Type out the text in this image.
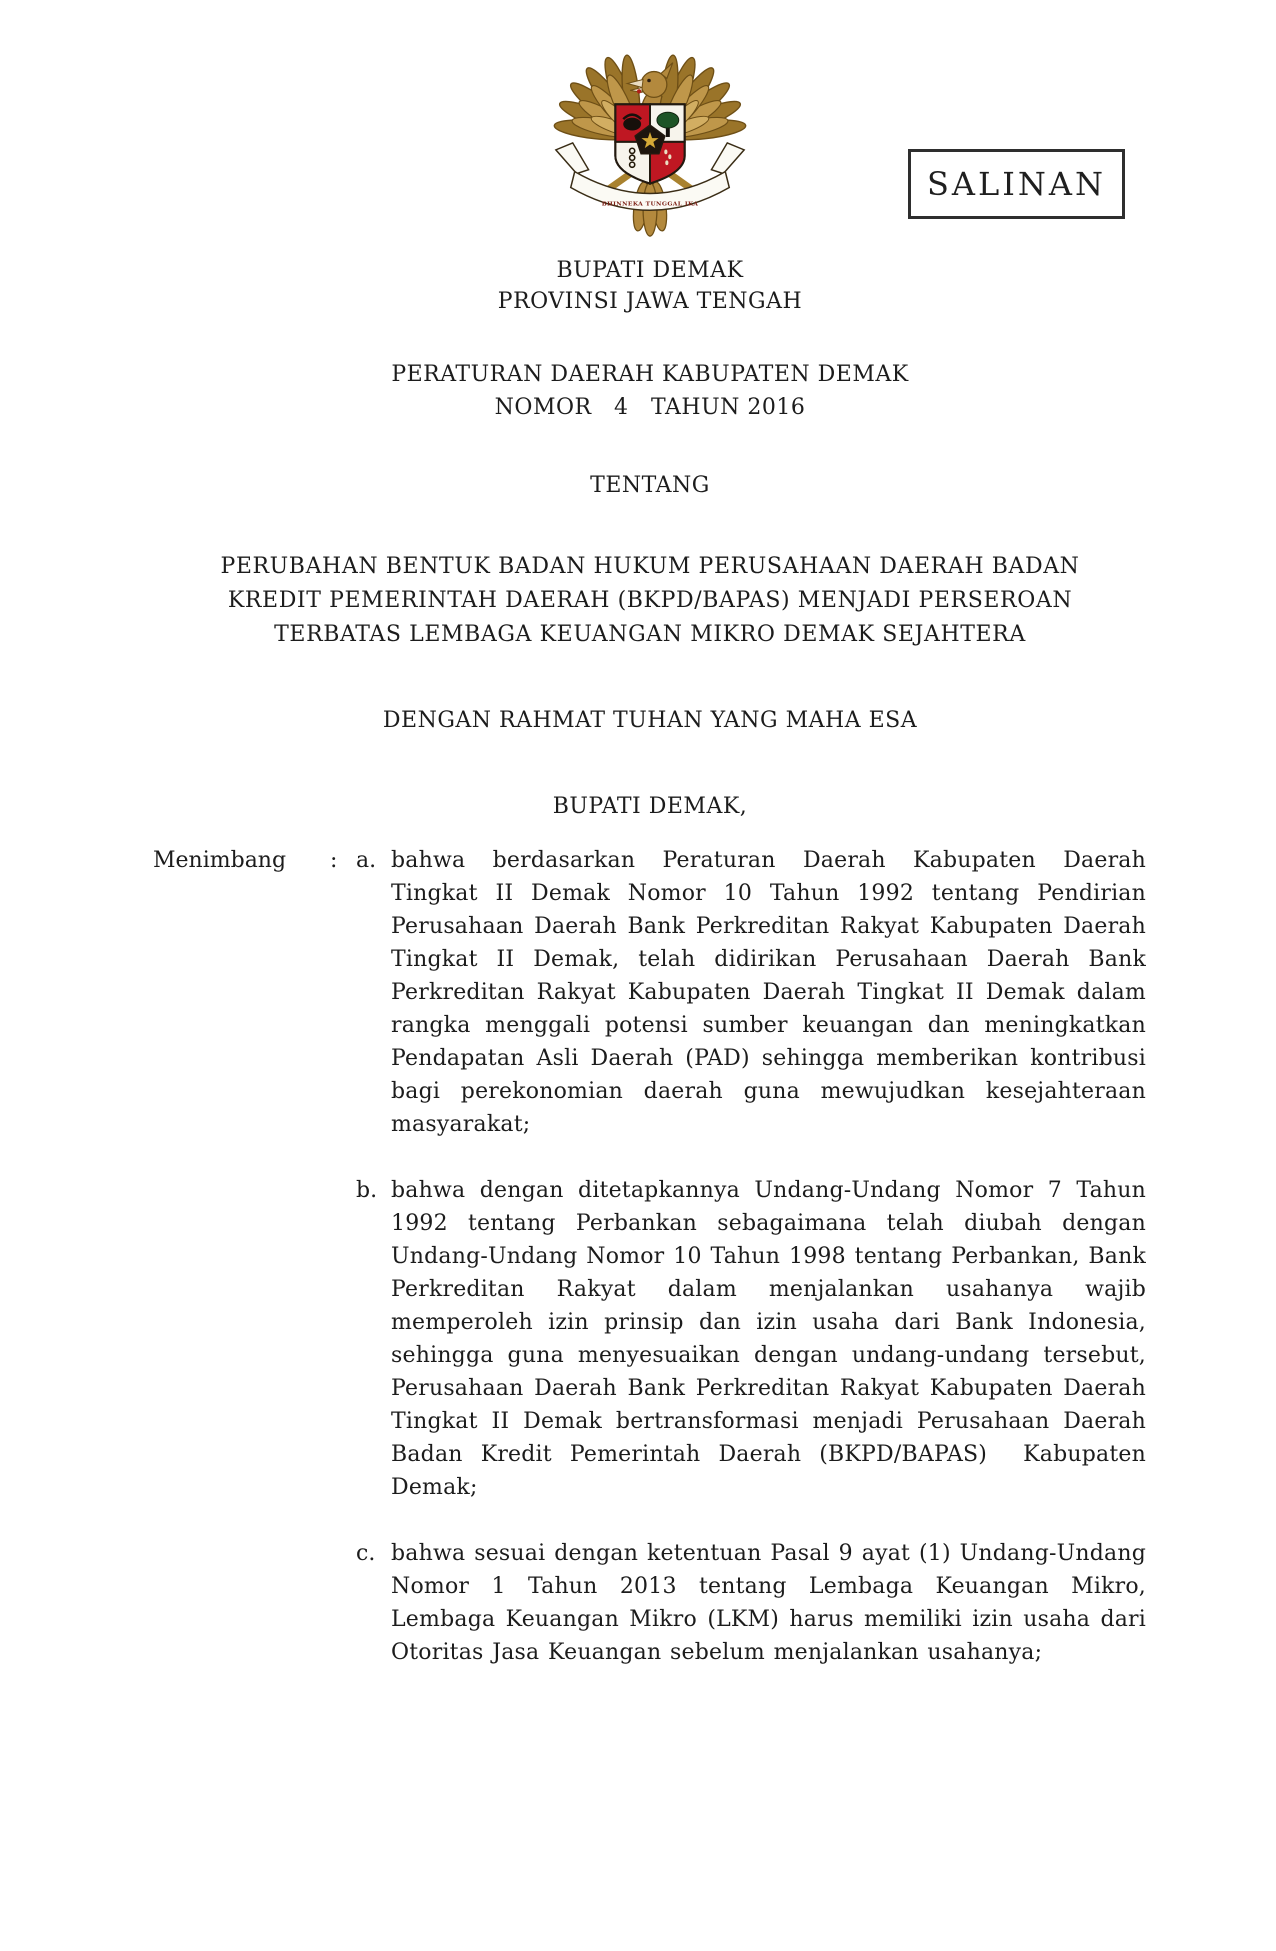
SALINAN
BHINNEKA TUNGGAL IKA
BUPATI DEMAK
PROVINSI JAWA TENGAH
PERATURAN DAERAH KABUPATEN DEMAK
NOMOR   4   TAHUN 2016
TENTANG
PERUBAHAN BENTUK BADAN HUKUM PERUSAHAAN DAERAH BADAN KREDIT PEMERINTAH DAERAH (BKPD/BAPAS) MENJADI PERSEROAN TERBATAS LEMBAGA KEUANGAN MIKRO DEMAK SEJAHTERA
DENGAN RAHMAT TUHAN YANG MAHA ESA
BUPATI DEMAK,
Menimbang	: a. bahwa berdasarkan Peraturan Daerah Kabupaten Daerah Tingkat II Demak Nomor 10 Tahun 1992 tentang Pendirian Perusahaan Daerah Bank Perkreditan Rakyat Kabupaten Daerah Tingkat II Demak, telah didirikan Perusahaan Daerah Bank Perkreditan Rakyat Kabupaten Daerah Tingkat II Demak dalam rangka menggali potensi sumber keuangan dan meningkatkan Pendapatan Asli Daerah (PAD) sehingga memberikan kontribusi bagi perekonomian daerah guna mewujudkan kesejahteraan masyarakat;
b. bahwa dengan ditetapkannya Undang-Undang Nomor 7 Tahun 1992 tentang Perbankan sebagaimana telah diubah dengan Undang-Undang Nomor 10 Tahun 1998 tentang Perbankan, Bank Perkreditan Rakyat dalam menjalankan usahanya wajib memperoleh izin prinsip dan izin usaha dari Bank Indonesia, sehingga guna menyesuaikan dengan undang-undang tersebut, Perusahaan Daerah Bank Perkreditan Rakyat Kabupaten Daerah Tingkat II Demak bertransformasi menjadi Perusahaan Daerah Badan Kredit Pemerintah Daerah (BKPD/BAPAS)  Kabupaten Demak;
c. bahwa sesuai dengan ketentuan Pasal 9 ayat (1) Undang-Undang Nomor 1 Tahun 2013 tentang Lembaga Keuangan Mikro, Lembaga Keuangan Mikro (LKM) harus memiliki izin usaha dari Otoritas Jasa Keuangan sebelum menjalankan usahanya;
